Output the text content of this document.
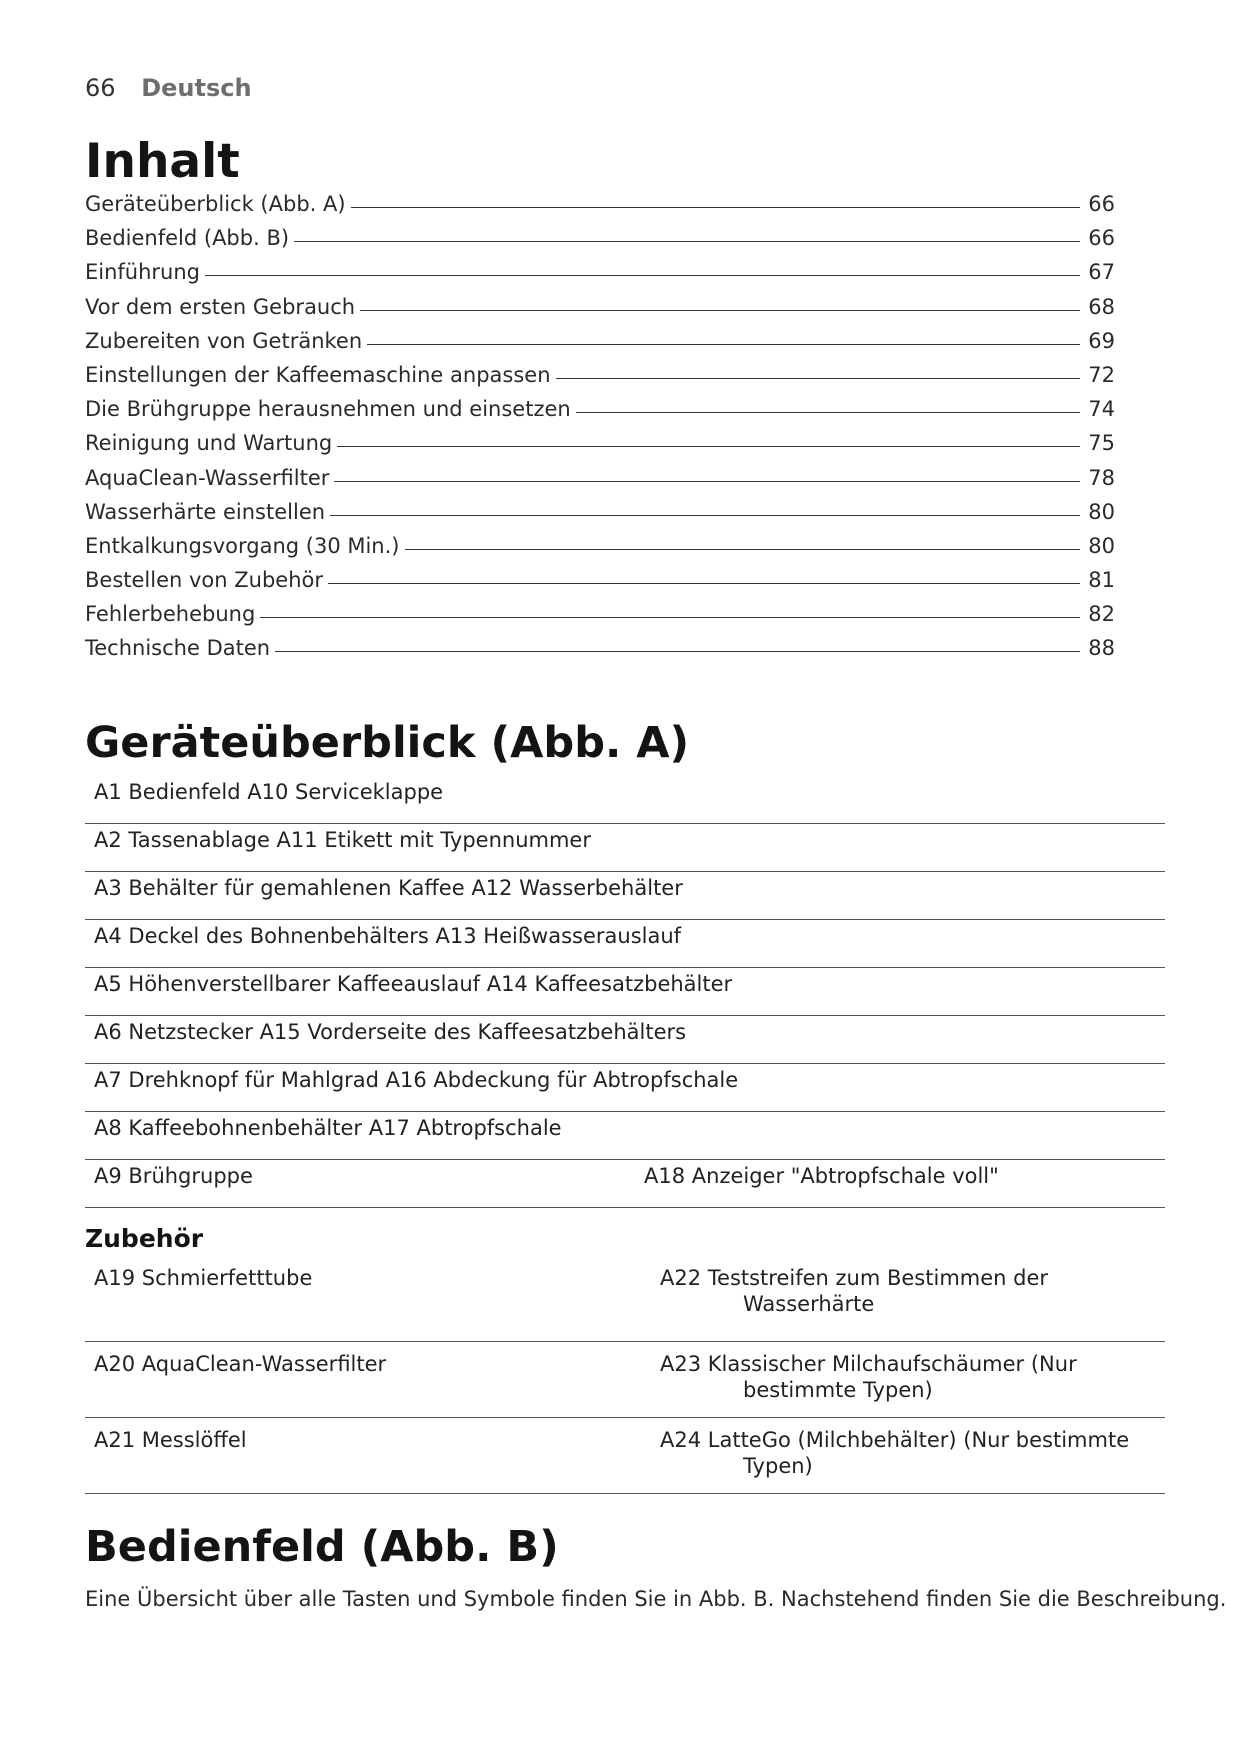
66 Deutsch
Inhalt
Geräteüberblick (Abb. A)	66
Bedienfeld (Abb. B)	66
Einführung	67
Vor dem ersten Gebrauch	68
Zubereiten von Getränken	69
Einstellungen der Kaffeemaschine anpassen	72
Die Brühgruppe herausnehmen und einsetzen	74
Reinigung und Wartung	75
AquaClean-Wasserfilter	78
Wasserhärte einstellen	80
Entkalkungsvorgang (30 Min.)	80
Bestellen von Zubehör	81
Fehlerbehebung	82
Technische Daten	88
Geräteüberblick (Abb. A)
A1 Bedienfeld A10 Serviceklappe
A2 Tassenablage A11 Etikett mit Typennummer
A3 Behälter für gemahlenen Kaffee A12 Wasserbehälter
A4 Deckel des Bohnenbehälters A13 Heißwasserauslauf
A5 Höhenverstellbarer Kaffeeauslauf A14 Kaffeesatzbehälter
A6 Netzstecker A15 Vorderseite des Kaffeesatzbehälters
A7 Drehknopf für Mahlgrad A16 Abdeckung für Abtropfschale
A8 Kaffeebohnenbehälter A17 Abtropfschale
A9 Brühgruppe	A18 Anzeiger "Abtropfschale voll"
Zubehör
A19 Schmierfetttube	A22 Teststreifen zum Bestimmen der
Wasserhärte
A20 AquaClean-Wasserfilter	A23 Klassischer Milchaufschäumer (Nur
bestimmte Typen)
A21 Messlöffel	A24 LatteGo (Milchbehälter) (Nur bestimmte
Typen)
Bedienfeld (Abb. B)
Eine Übersicht über alle Tasten und Symbole finden Sie in Abb. B. Nachstehend finden Sie die Beschreibung.
